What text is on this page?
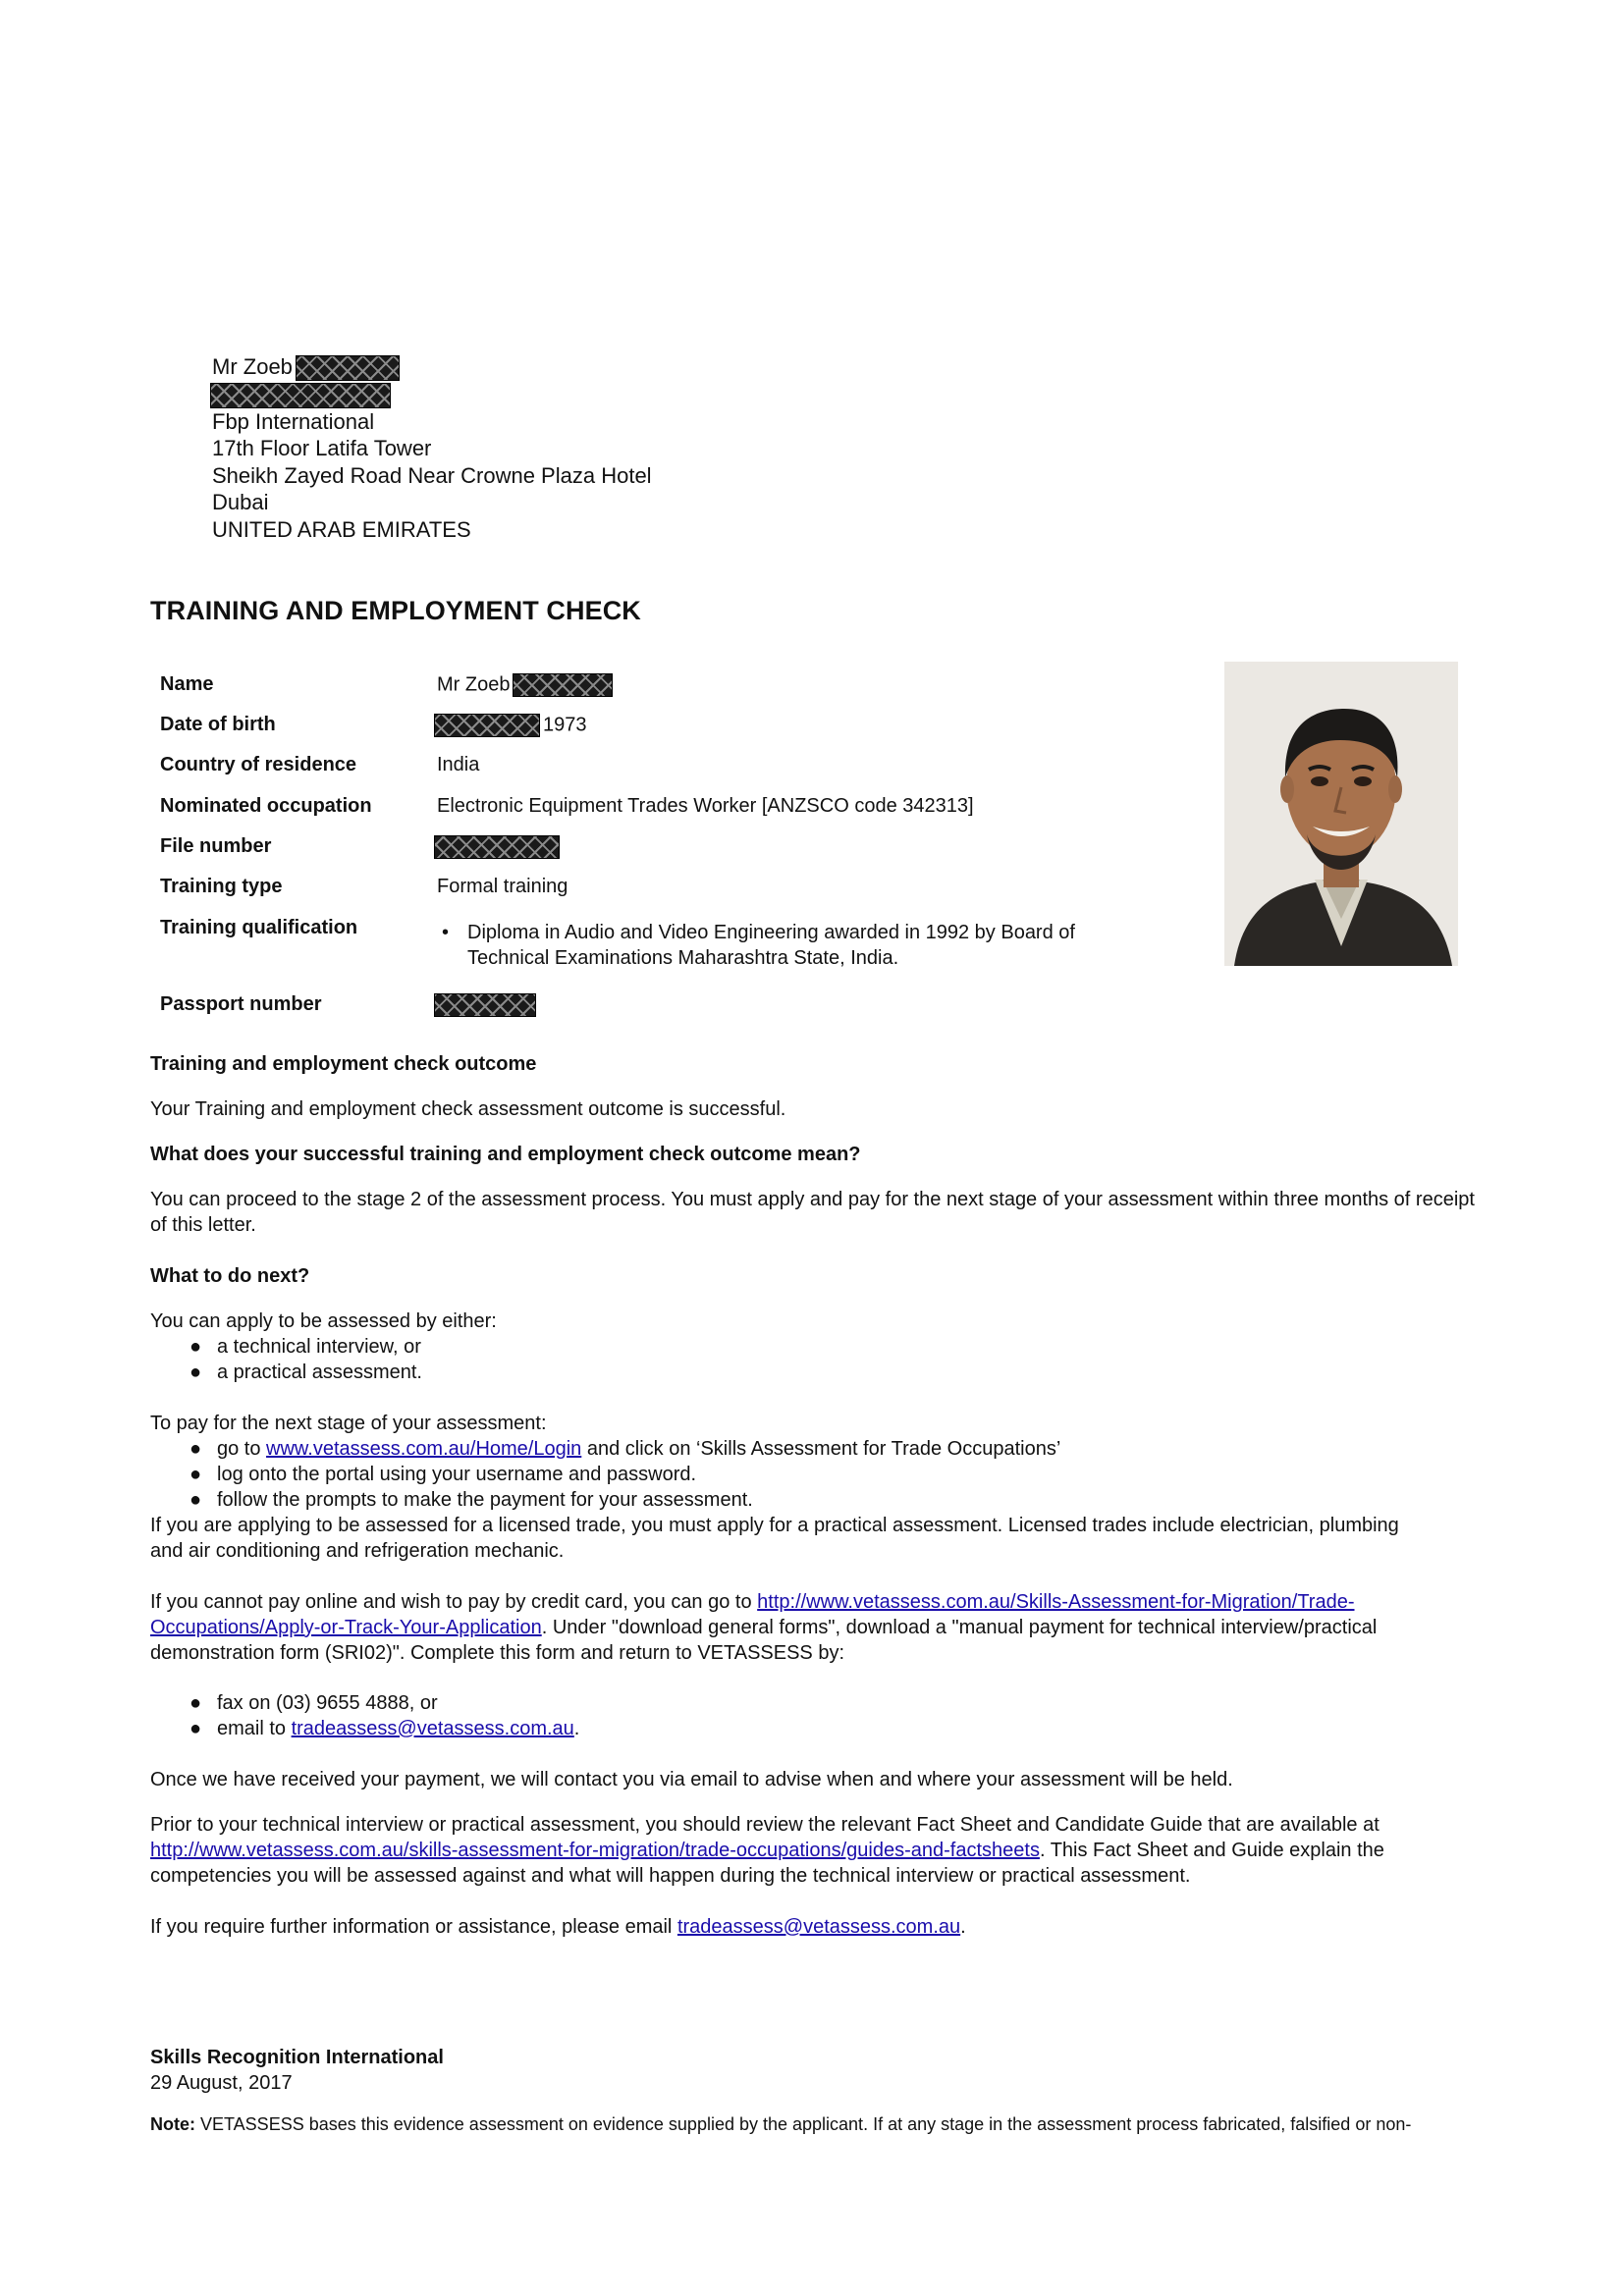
Mr Zoeb
Fbp International
17th Floor Latifa Tower
Sheikh Zayed Road Near Crowne Plaza Hotel
Dubai
UNITED ARAB EMIRATES
TRAINING AND EMPLOYMENT CHECK
Name	Mr Zoeb
Date of birth	1973
Country of residence	India
Nominated occupation	Electronic Equipment Trades Worker [ANZSCO code 342313]
File number
Training type	Formal training
Training qualification	• Diploma in Audio and Video Engineering awarded in 1992 by Board of Technical Examinations Maharashtra State, India.
Passport number
Training and employment check outcome
Your Training and employment check assessment outcome is successful.
What does your successful training and employment check outcome mean?
You can proceed to the stage 2 of the assessment process. You must apply and pay for the next stage of your assessment within three months of receipt of this letter.
What to do next?
You can apply to be assessed by either:
● a technical interview, or
● a practical assessment.
To pay for the next stage of your assessment:
● go to www.vetassess.com.au/Home/Login and click on ‘Skills Assessment for Trade Occupations’
● log onto the portal using your username and password.
● follow the prompts to make the payment for your assessment.
If you are applying to be assessed for a licensed trade, you must apply for a practical assessment. Licensed trades include electrician, plumbing and air conditioning and refrigeration mechanic.
If you cannot pay online and wish to pay by credit card, you can go to http://www.vetassess.com.au/Skills-Assessment-for-Migration/Trade-Occupations/Apply-or-Track-Your-Application. Under "download general forms", download a "manual payment for technical interview/practical demonstration form (SRI02)". Complete this form and return to VETASSESS by:
● fax on (03) 9655 4888, or
● email to tradeassess@vetassess.com.au.
Once we have received your payment, we will contact you via email to advise when and where your assessment will be held.
Prior to your technical interview or practical assessment, you should review the relevant Fact Sheet and Candidate Guide that are available at http://www.vetassess.com.au/skills-assessment-for-migration/trade-occupations/guides-and-factsheets. This Fact Sheet and Guide explain the competencies you will be assessed against and what will happen during the technical interview or practical assessment.
If you require further information or assistance, please email tradeassess@vetassess.com.au.
Skills Recognition International
29 August, 2017
Note: VETASSESS bases this evidence assessment on evidence supplied by the applicant. If at any stage in the assessment process fabricated, falsified or non-
